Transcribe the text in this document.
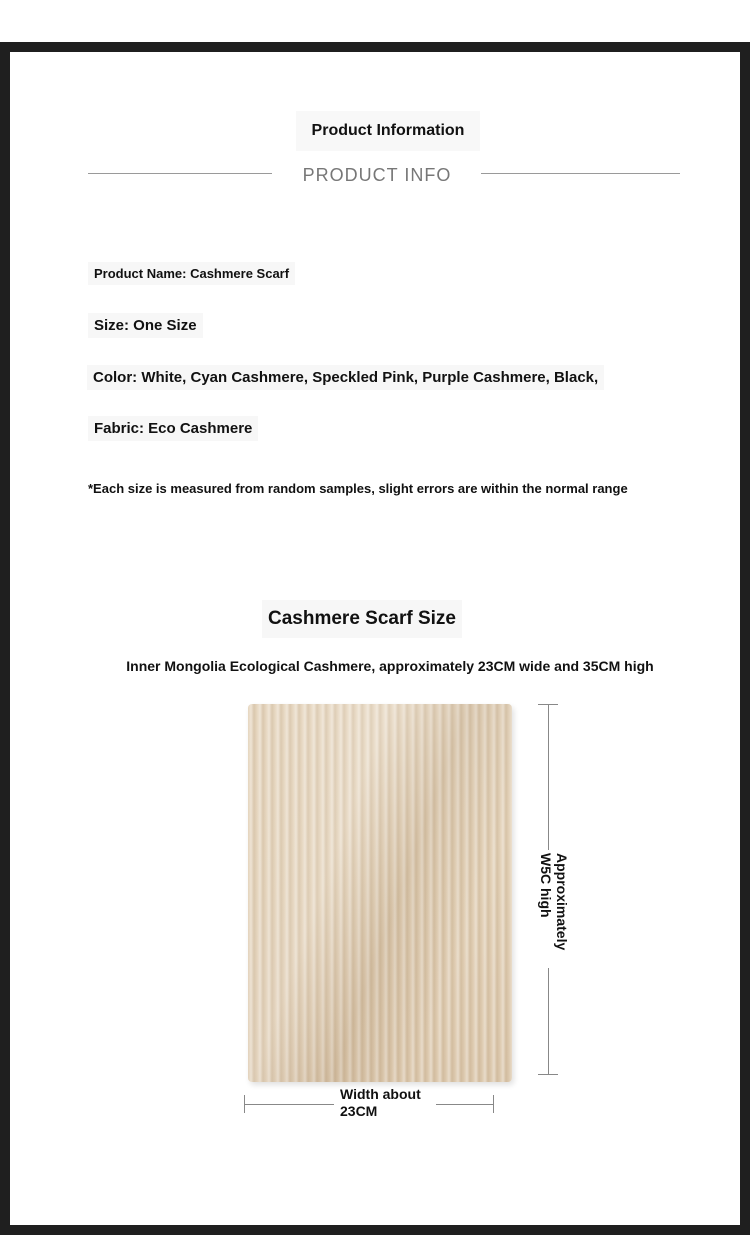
Product Information
PRODUCT INFO
Product Name: Cashmere Scarf
Size: One Size
Color: White, Cyan Cashmere, Speckled Pink, Purple Cashmere, Black,
Fabric: Eco Cashmere
*Each size is measured from random samples, slight errors are within the normal range
Cashmere Scarf Size
Inner Mongolia Ecological Cashmere, approximately 23CM wide and 35CM high
Approximately W5C high
Width about 23CM
